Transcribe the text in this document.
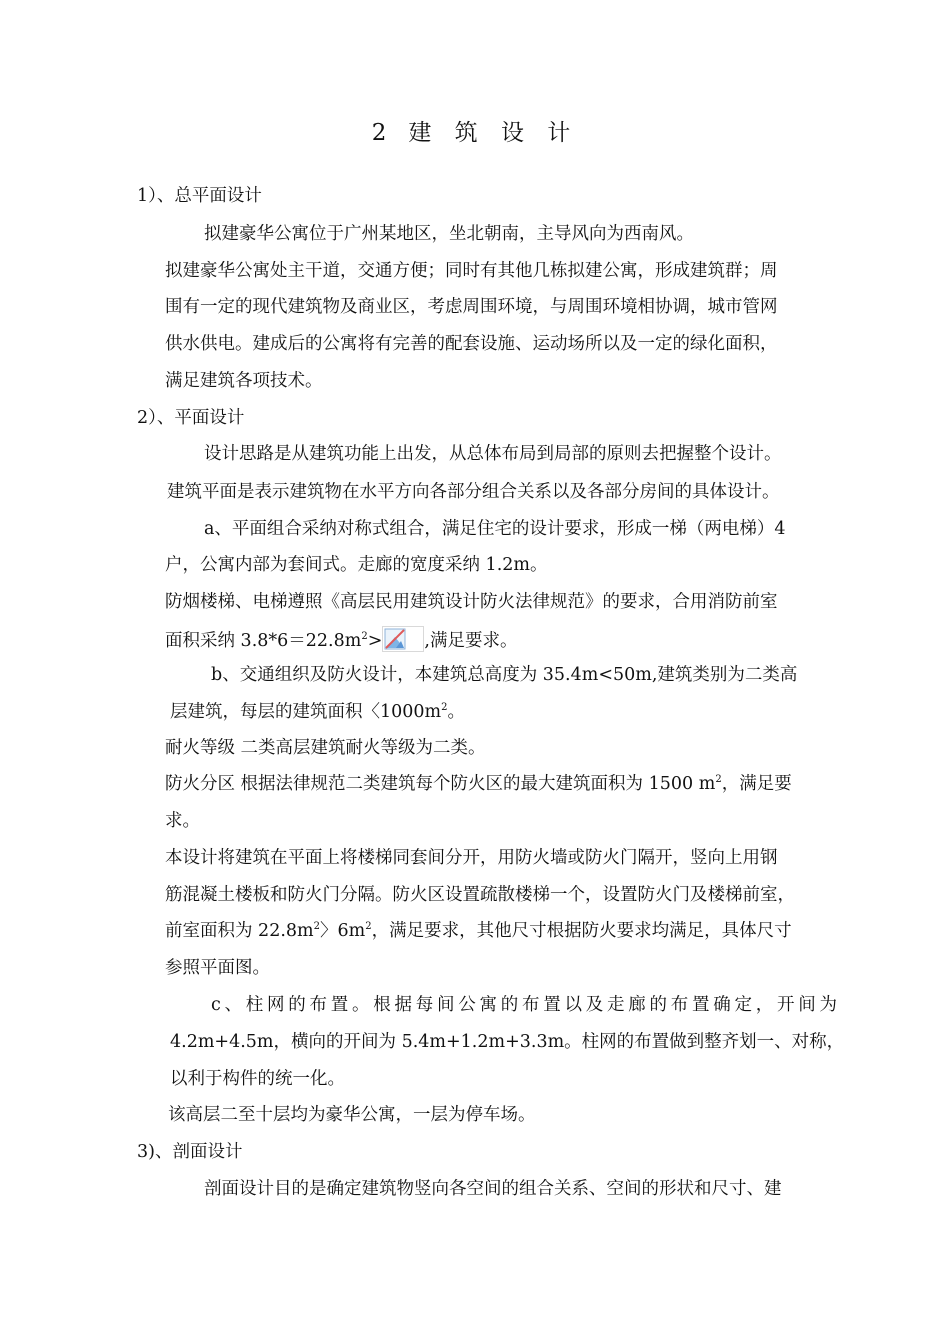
2 建 筑 设 计
1）、总平面设计
拟建豪华公寓位于广州某地区，坐北朝南，主导风向为西南风。
拟建豪华公寓处主干道，交通方便；同时有其他几栋拟建公寓，形成建筑群；周
围有一定的现代建筑物及商业区，考虑周围环境，与周围环境相协调，城市管网
供水供电。建成后的公寓将有完善的配套设施、运动场所以及一定的绿化面积，
满足建筑各项技术。
2）、平面设计
设计思路是从建筑功能上出发，从总体布局到局部的原则去把握整个设计。
建筑平面是表示建筑物在水平方向各部分组合关系以及各部分房间的具体设计。
a、平面组合采纳对称式组合，满足住宅的设计要求，形成一梯（两电梯）4
户，公寓内部为套间式。走廊的宽度采纳 1.2m。
防烟楼梯、电梯遵照《高层民用建筑设计防火法律规范》的要求，合用消防前室
面积采纳 $3.8*6=22.8m^2>$ ,满足要求。
b、交通组织及防火设计，本建筑总高度为 35.4m<50m,建筑类别为二类高
层建筑，每层的建筑面积〈$1000m^2$。
耐火等级 二类高层建筑耐火等级为二类。
防火分区 根据法律规范二类建筑每个防火区的最大建筑面积为 1500 $m^2$，满足要
求。
本设计将建筑在平面上将楼梯同套间分开，用防火墙或防火门隔开，竖向上用钢
筋混凝土楼板和防火门分隔。防火区设置疏散楼梯一个，设置防火门及楼梯前室，
前室面积为 $22.8m^2$〉$6m^2$，满足要求，其他尺寸根据防火要求均满足，具体尺寸
参照平面图。
c、柱网的布置。根据每间公寓的布置以及走廊的布置确定，开间为
4.2m+4.5m，横向的开间为 5.4m+1.2m+3.3m。柱网的布置做到整齐划一、对称，
以利于构件的统一化。
该高层二至十层均为豪华公寓，一层为停车场。
3)、剖面设计
剖面设计目的是确定建筑物竖向各空间的组合关系、空间的形状和尺寸、建
